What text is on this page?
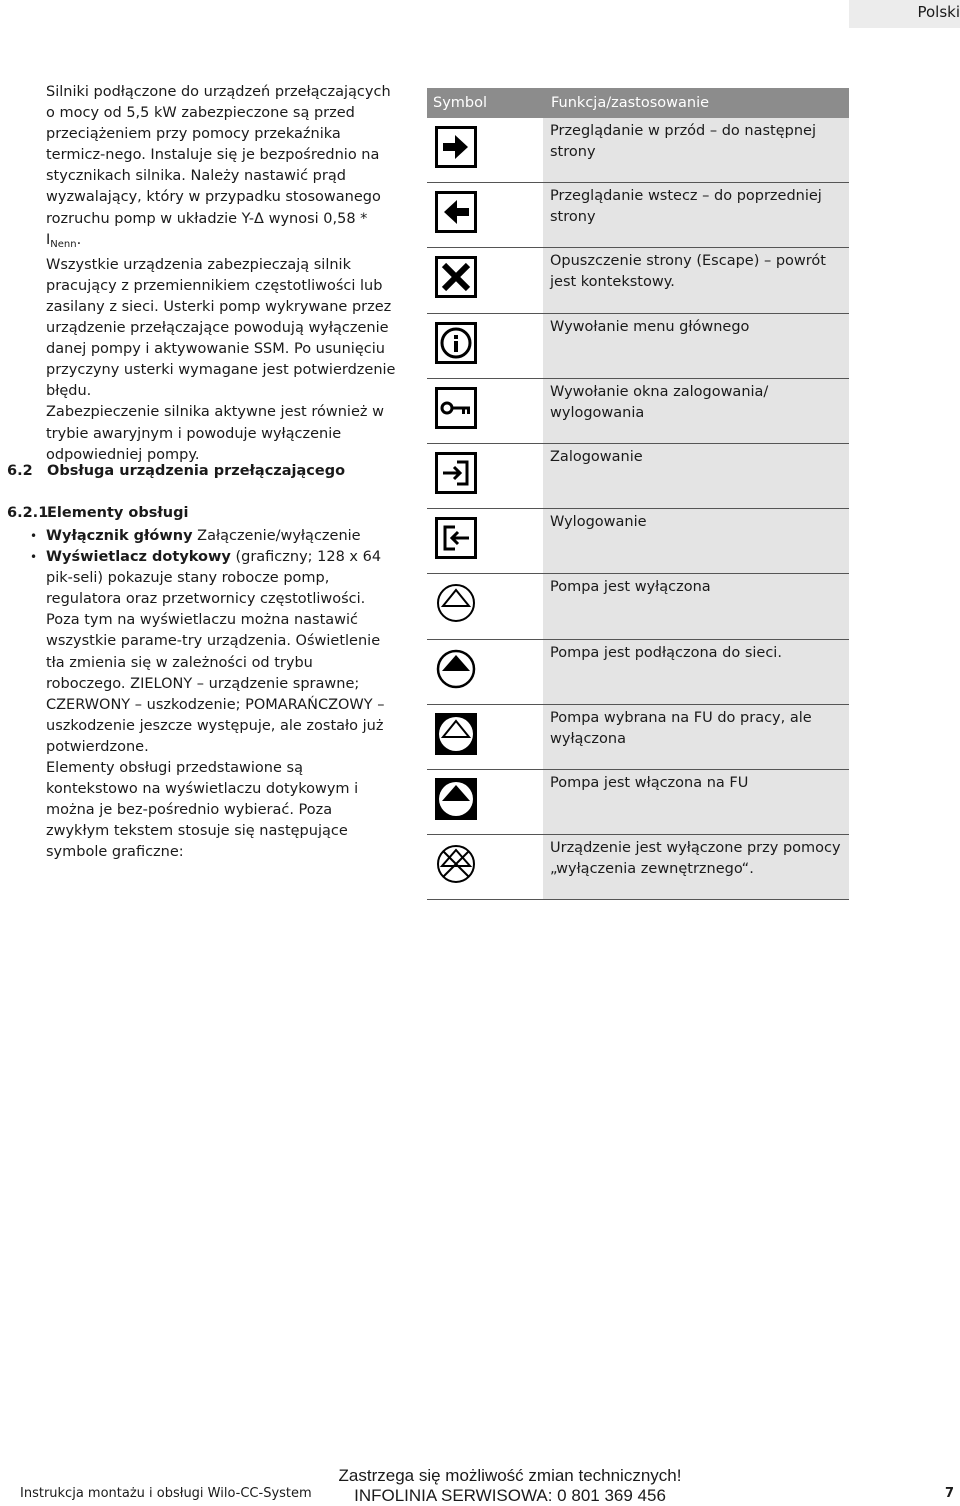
Polski

Silniki podłączone do urządzeń przełączających o mocy od 5,5 kW zabezpieczone są przed przeciążeniem przy pomocy przekaźnika termicz-nego. Instaluje się je bezpośrednio na stycznikach silnika. Należy nastawić prąd wyzwalający, który w przypadku stosowanego rozruchu pomp w układzie Y-Δ wynosi $0,58 * I_{Nenn}$.

Wszystkie urządzenia zabezpieczają silnik pracujący z przemiennikiem częstotliwości lub zasilany z sieci. Usterki pomp wykrywane przez urządzenie przełączające powodują wyłączenie danej pompy i aktywowanie SSM. Po usunięciu przyczyny usterki wymagane jest potwierdzenie błędu.

Zabezpieczenie silnika aktywne jest również w trybie awaryjnym i powoduje wyłączenie odpowiedniej pompy.

6.2 Obsługa urządzenia przełączającego
6.2.1Elementy obsługi
• Wyłącznik główny Załączenie/wyłączenie
• Wyświetlacz dotykowy (graficzny; 128 x 64 pik-seli) pokazuje stany robocze pomp, regulatora oraz przetwornicy częstotliwości. Poza tym na wyświetlaczu można nastawić wszystkie parame-try urządzenia. Oświetlenie tła zmienia się w zależności od trybu roboczego. ZIELONY – urządzenie sprawne; CZERWONY – uszkodzenie; POMARAŃCZOWY – uszkodzenie jeszcze występuje, ale zostało już potwierdzone.
Elementy obsługi przedstawione są kontekstowo na wyświetlaczu dotykowym i można je bez-pośrednio wybierać. Poza zwykłym tekstem stosuje się następujące symbole graficzne:
Symbol	Funkcja/zastosowanie
	Przeglądanie w przód – do następnej strony
	Przeglądanie wstecz – do poprzedniej strony
	Opuszczenie strony (Escape) – powrót jest kontekstowy.
	Wywołanie menu głównego
	Wywołanie okna zalogowania/ wylogowania
	Zalogowanie
	Wylogowanie
	Pompa jest wyłączona
	Pompa jest podłączona do sieci.
	Pompa wybrana na FU do pracy, ale wyłączona
	Pompa jest włączona na FU
	Urządzenie jest wyłączone przy pomocy „wyłączenia zewnętrznego“.
Instrukcja montażu i obsługi Wilo-CC-System
Zastrzega się możliwość zmian technicznych!
INFOLINIA SERWISOWA: 0 801 369 456	7
